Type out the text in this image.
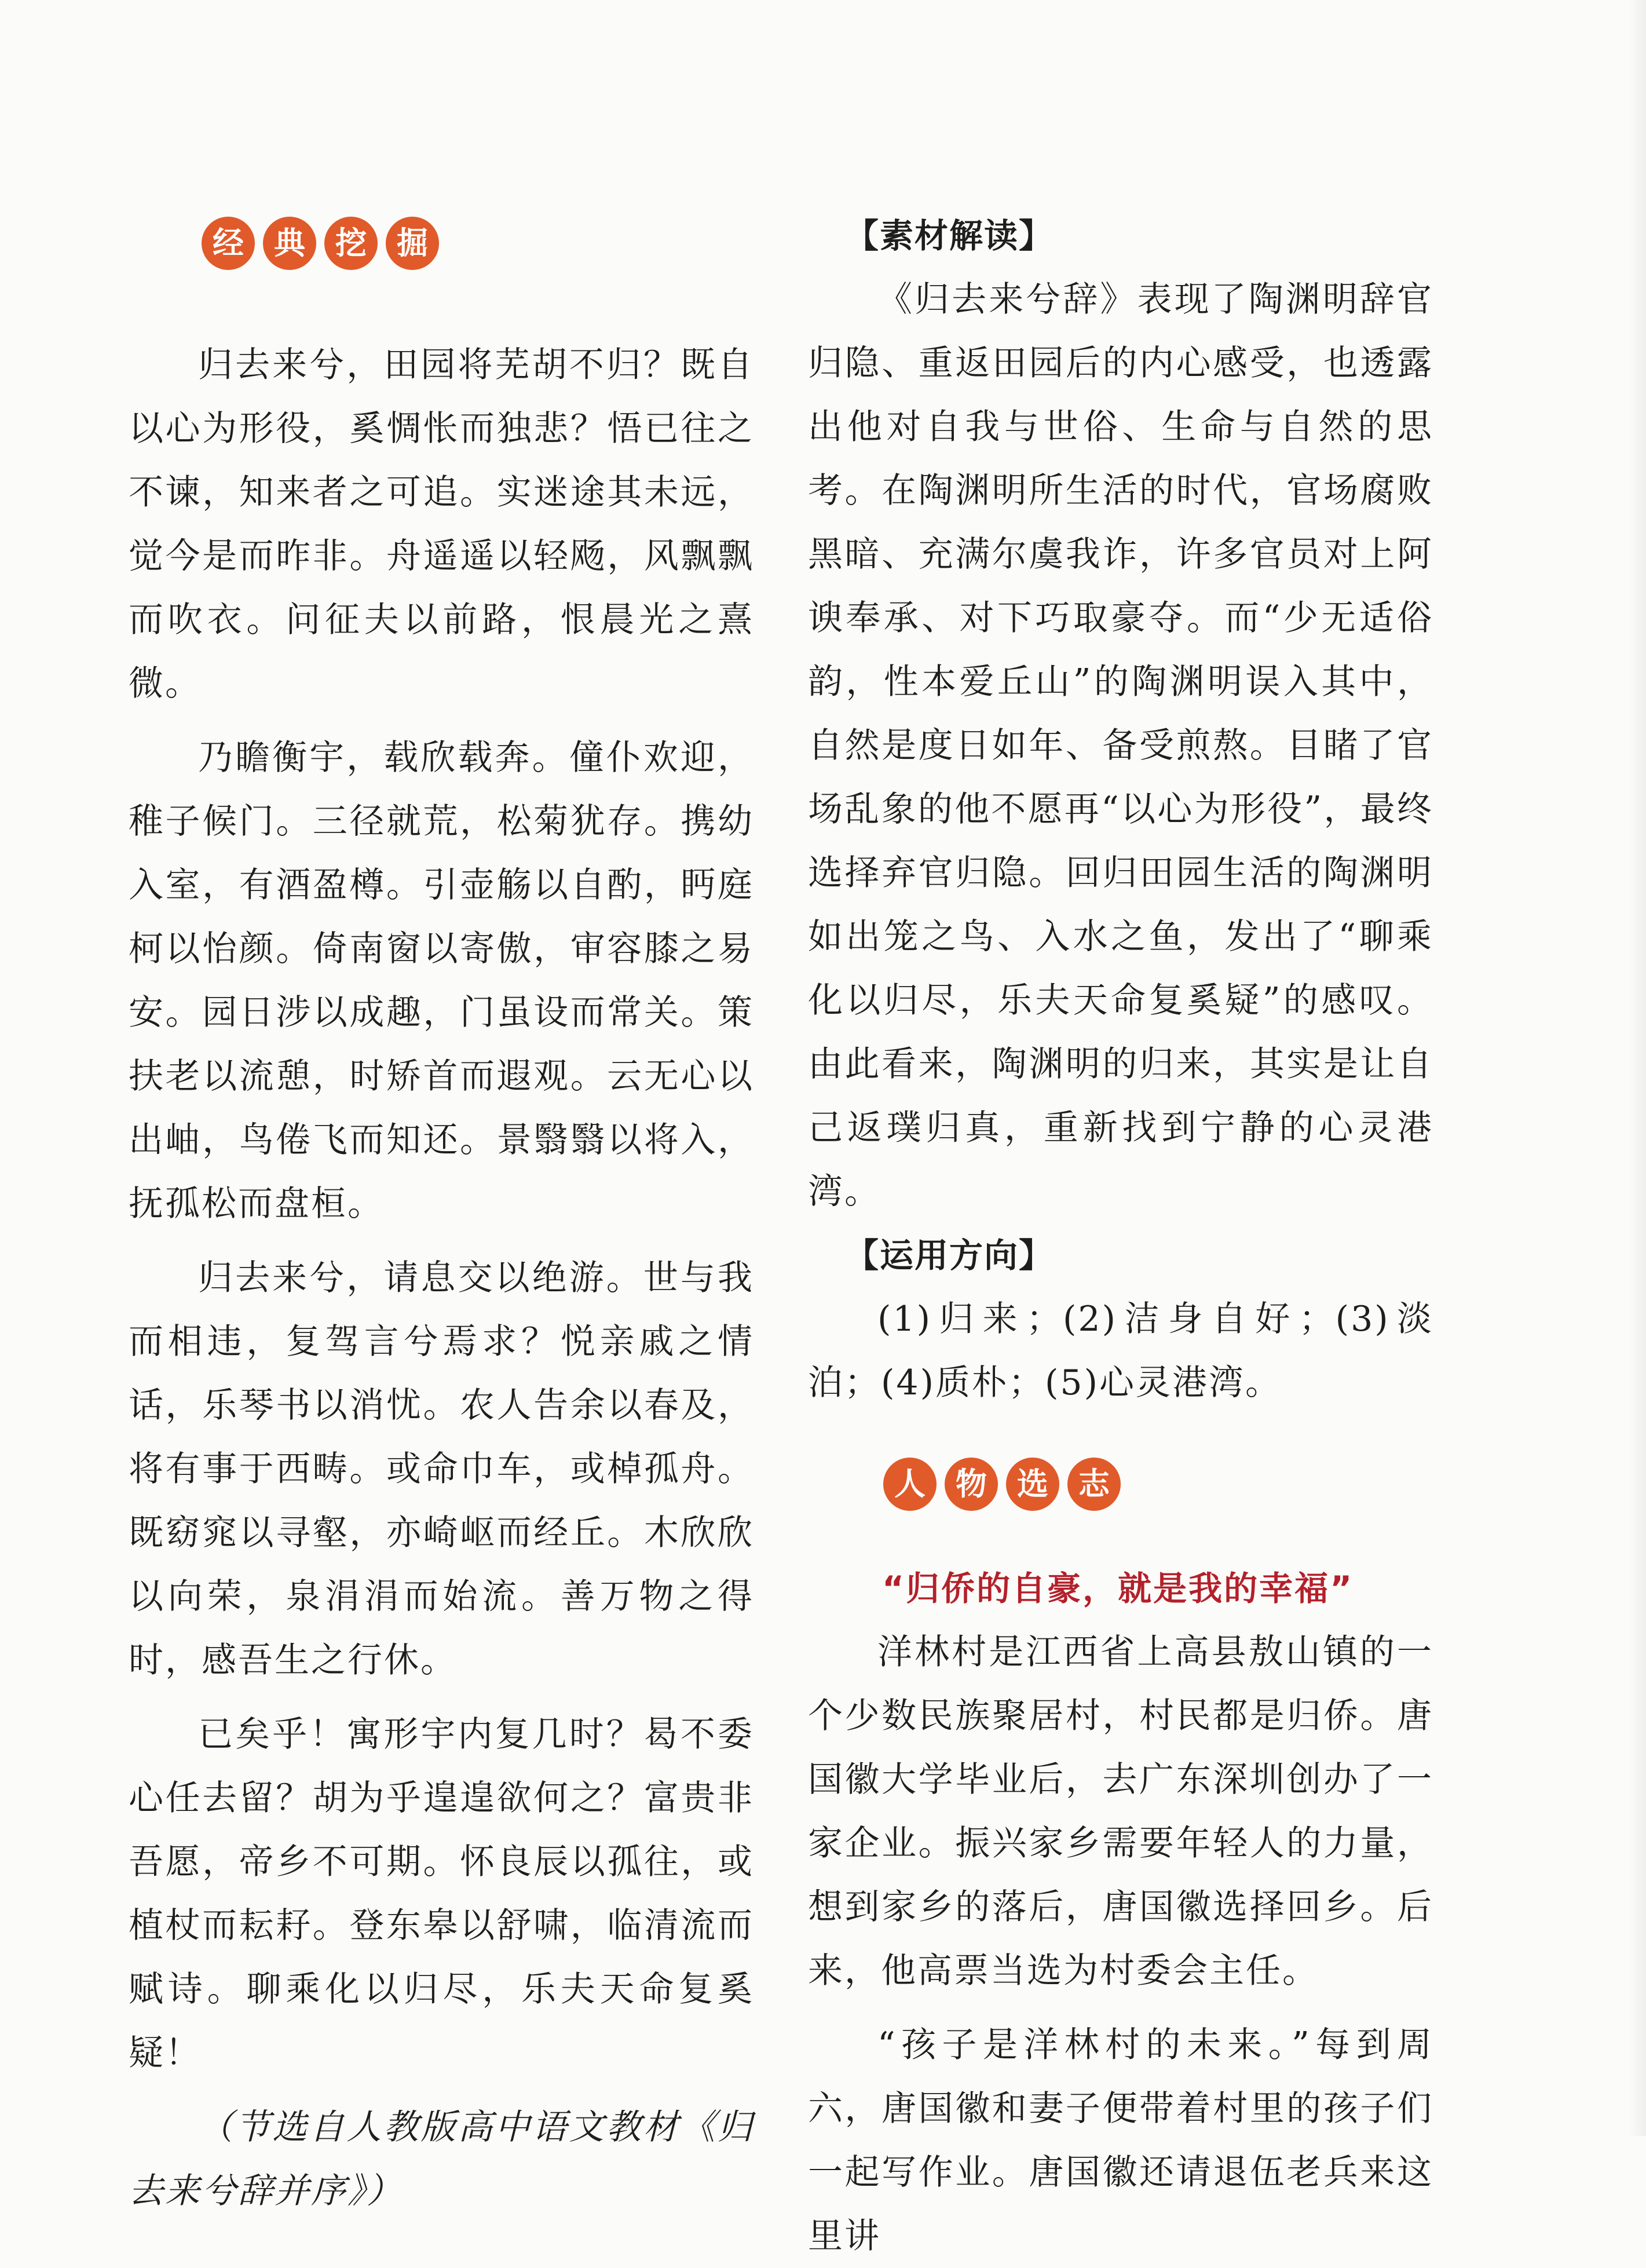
经 典 挖 掘

归去来兮，田园将芜胡不归？既自以心为形役，奚惆怅而独悲？悟已往之不谏，知来者之可追。实迷途其未远，觉今是而昨非。舟遥遥以轻飏，风飘飘而吹衣。问征夫以前路，恨晨光之熹微。

乃瞻衡宇，载欣载奔。僮仆欢迎，稚子候门。三径就荒，松菊犹存。携幼入室，有酒盈樽。引壶觞以自酌，眄庭柯以怡颜。倚南窗以寄傲，审容膝之易安。园日涉以成趣，门虽设而常关。策扶老以流憩，时矫首而遐观。云无心以出岫，鸟倦飞而知还。景翳翳以将入，抚孤松而盘桓。

归去来兮，请息交以绝游。世与我而相违，复驾言兮焉求？悦亲戚之情话，乐琴书以消忧。农人告余以春及，将有事于西畴。或命巾车，或棹孤舟。既窈窕以寻壑，亦崎岖而经丘。木欣欣以向荣，泉涓涓而始流。善万物之得时，感吾生之行休。

已矣乎！寓形宇内复几时？曷不委心任去留？胡为乎遑遑欲何之？富贵非吾愿，帝乡不可期。怀良辰以孤往，或植杖而耘耔。登东皋以舒啸，临清流而赋诗。聊乘化以归尽，乐夫天命复奚疑！

（节选自人教版高中语文教材《归去来兮辞并序》）

【素材解读】

《归去来兮辞》表现了陶渊明辞官归隐、重返田园后的内心感受，也透露出他对自我与世俗、生命与自然的思考。在陶渊明所生活的时代，官场腐败黑暗、充满尔虞我诈，许多官员对上阿谀奉承、对下巧取豪夺。而“少无适俗韵，性本爱丘山”的陶渊明误入其中，自然是度日如年、备受煎熬。目睹了官场乱象的他不愿再“以心为形役”，最终选择弃官归隐。回归田园生活的陶渊明如出笼之鸟、入水之鱼，发出了“聊乘化以归尽，乐夫天命复奚疑”的感叹。由此看来，陶渊明的归来，其实是让自己返璞归真，重新找到宁静的心灵港湾。

【运用方向】

(1)归来；(2)洁身自好；(3)淡泊；(4)质朴；(5)心灵港湾。

人 物 选 志
“归侨的自豪，就是我的幸福”

洋林村是江西省上高县敖山镇的一个少数民族聚居村，村民都是归侨。唐国徽大学毕业后，去广东深圳创办了一家企业。振兴家乡需要年轻人的力量，想到家乡的落后，唐国徽选择回乡。后来，他高票当选为村委会主任。

“孩子是洋林村的未来。”每到周六，唐国徽和妻子便带着村里的孩子们一起写作业。唐国徽还请退伍老兵来这里讲
